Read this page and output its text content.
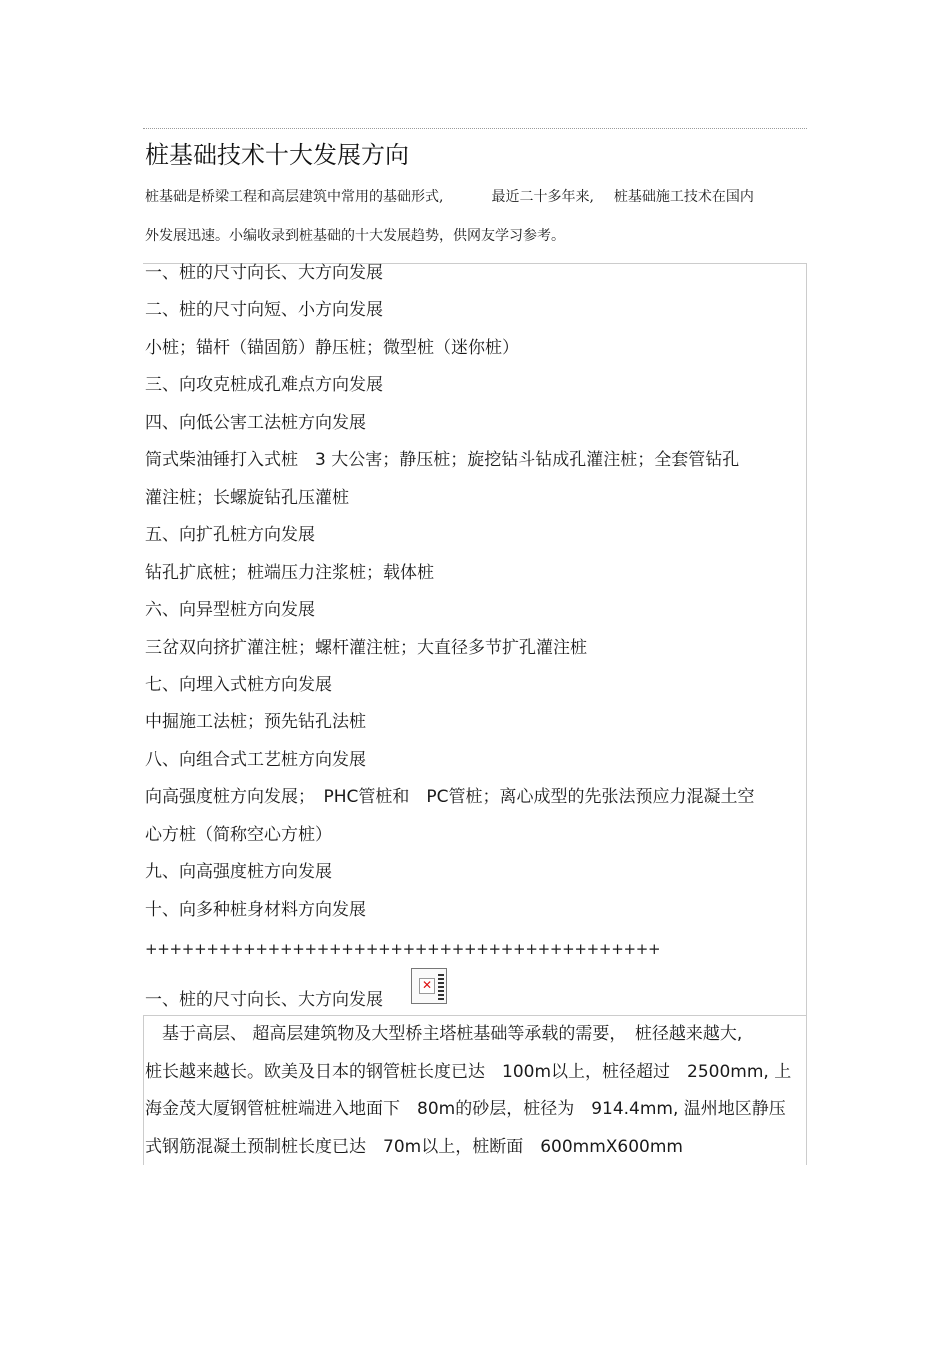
桩基础技术十大发展方向
桩基础是桥梁工程和高层建筑中常用的基础形式,	最近二十多年来, 桩基础施工技术在国内
外发展迅速。小编收录到桩基础的十大发展趋势，供网友学习参考。
一、桩的尺寸向长、大方向发展
二、桩的尺寸向短、小方向发展
小桩；锚杆（锚固筋）静压桩；微型桩（迷你桩）
三、向攻克桩成孔难点方向发展
四、向低公害工法桩方向发展
筒式柴油锤打入式桩　3 大公害；静压桩；旋挖钻斗钻成孔灌注桩；全套管钻孔
灌注桩；长螺旋钻孔压灌桩
五、向扩孔桩方向发展
钻孔扩底桩；桩端压力注浆桩；载体桩
六、向异型桩方向发展
三岔双向挤扩灌注桩；螺杆灌注桩；大直径多节扩孔灌注桩
七、向埋入式桩方向发展
中掘施工法桩；预先钻孔法桩
八、向组合式工艺桩方向发展
向高强度桩方向发展；　PHC管桩和　PC管桩；离心成型的先张法预应力混凝土空
心方桩（简称空心方桩）
九、向高强度桩方向发展
十、向多种桩身材料方向发展
++++++++++++++++++++++++++++++++++++++++++
一、桩的尺寸向长、大方向发展
✕
　基于高层、 超高层建筑物及大型桥主塔桩基础等承载的需要，　桩径越来越大,
桩长越来越长。欧美及日本的钢管桩长度已达　100m以上，桩径超过　2500mm, 上
海金茂大厦钢管桩桩端进入地面下　80m的砂层，桩径为　914.4mm, 温州地区静压
式钢筋混凝土预制桩长度已达　70m以上，桩断面　600mmX600mm
